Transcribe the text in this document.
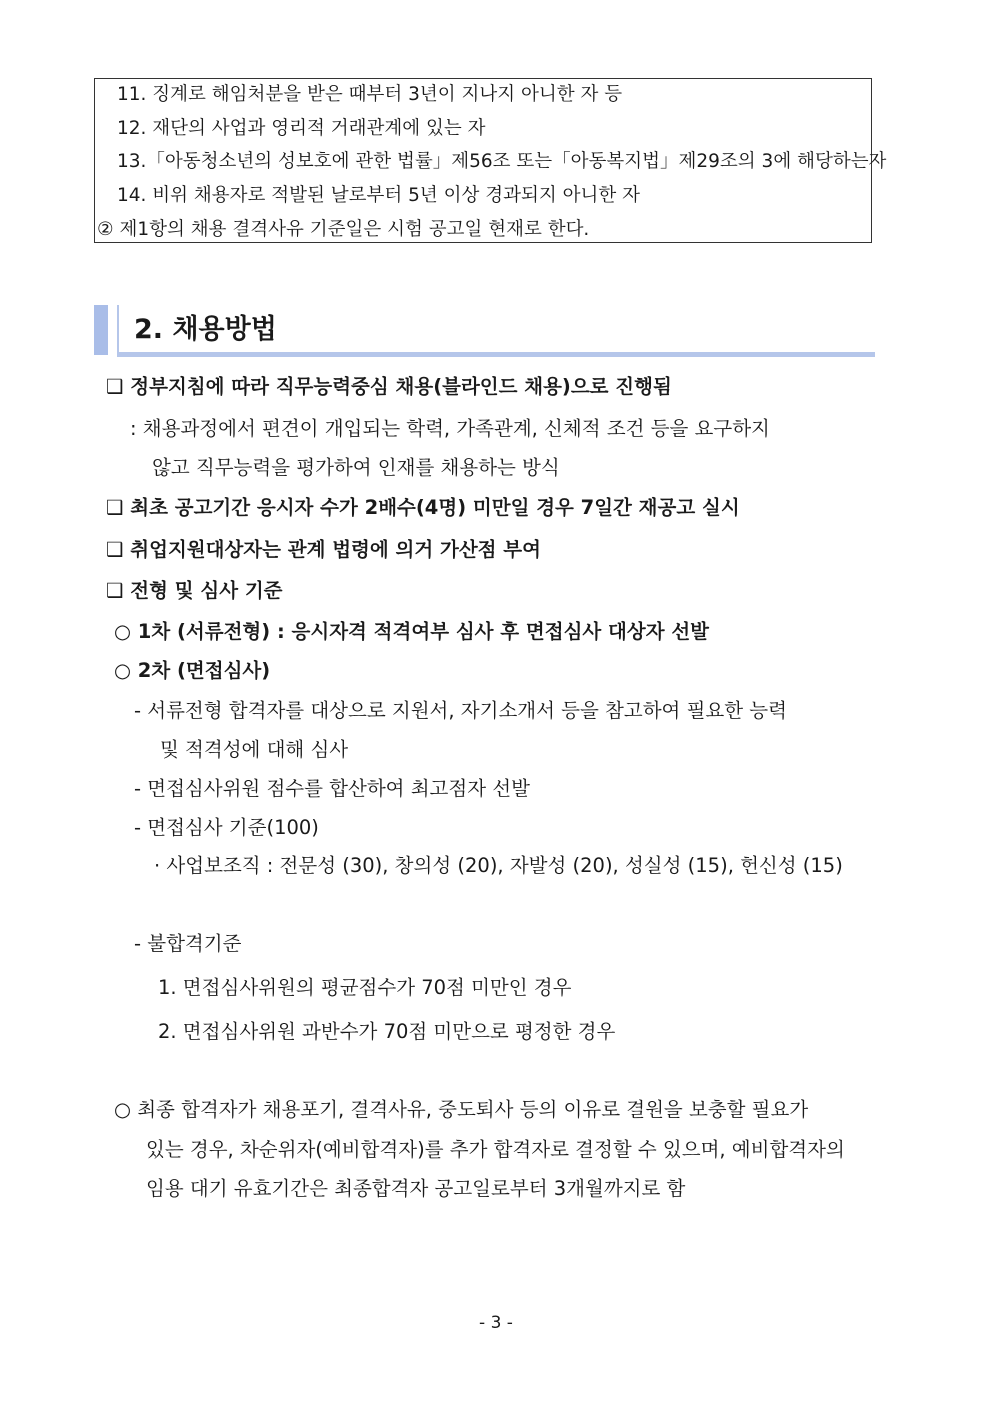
11. 징계로 해임처분을 받은 때부터 3년이 지나지 아니한 자 등
12. 재단의 사업과 영리적 거래관계에 있는 자
13.「아동청소년의 성보호에 관한 법률」제56조 또는「아동복지법」제29조의 3에 해당하는자
14. 비위 채용자로 적발된 날로부터 5년 이상 경과되지 아니한 자
② 제1항의 채용 결격사유 기준일은 시험 공고일 현재로 한다.
2. 채용방법
❑ 정부지침에 따라 직무능력중심 채용(블라인드 채용)으로 진행됨
: 채용과정에서 편견이 개입되는 학력, 가족관계, 신체적 조건 등을 요구하지
않고 직무능력을 평가하여 인재를 채용하는 방식
❑ 최초 공고기간 응시자 수가 2배수(4명) 미만일 경우 7일간 재공고 실시
❑ 취업지원대상자는 관계 법령에 의거 가산점 부여
❑ 전형 및 심사 기준
○ 1차 (서류전형) : 응시자격 적격여부 심사 후 면접심사 대상자 선발
○ 2차 (면접심사)
- 서류전형 합격자를 대상으로 지원서, 자기소개서 등을 참고하여 필요한 능력
및 적격성에 대해 심사
- 면접심사위원 점수를 합산하여 최고점자 선발
- 면접심사 기준(100)
· 사업보조직 : 전문성 (30), 창의성 (20), 자발성 (20), 성실성 (15), 헌신성 (15)
- 불합격기준
1. 면접심사위원의 평균점수가 70점 미만인 경우
2. 면접심사위원 과반수가 70점 미만으로 평정한 경우
○ 최종 합격자가 채용포기, 결격사유, 중도퇴사 등의 이유로 결원을 보충할 필요가
있는 경우, 차순위자(예비합격자)를 추가 합격자로 결정할 수 있으며, 예비합격자의
임용 대기 유효기간은 최종합격자 공고일로부터 3개월까지로 함
- 3 -
